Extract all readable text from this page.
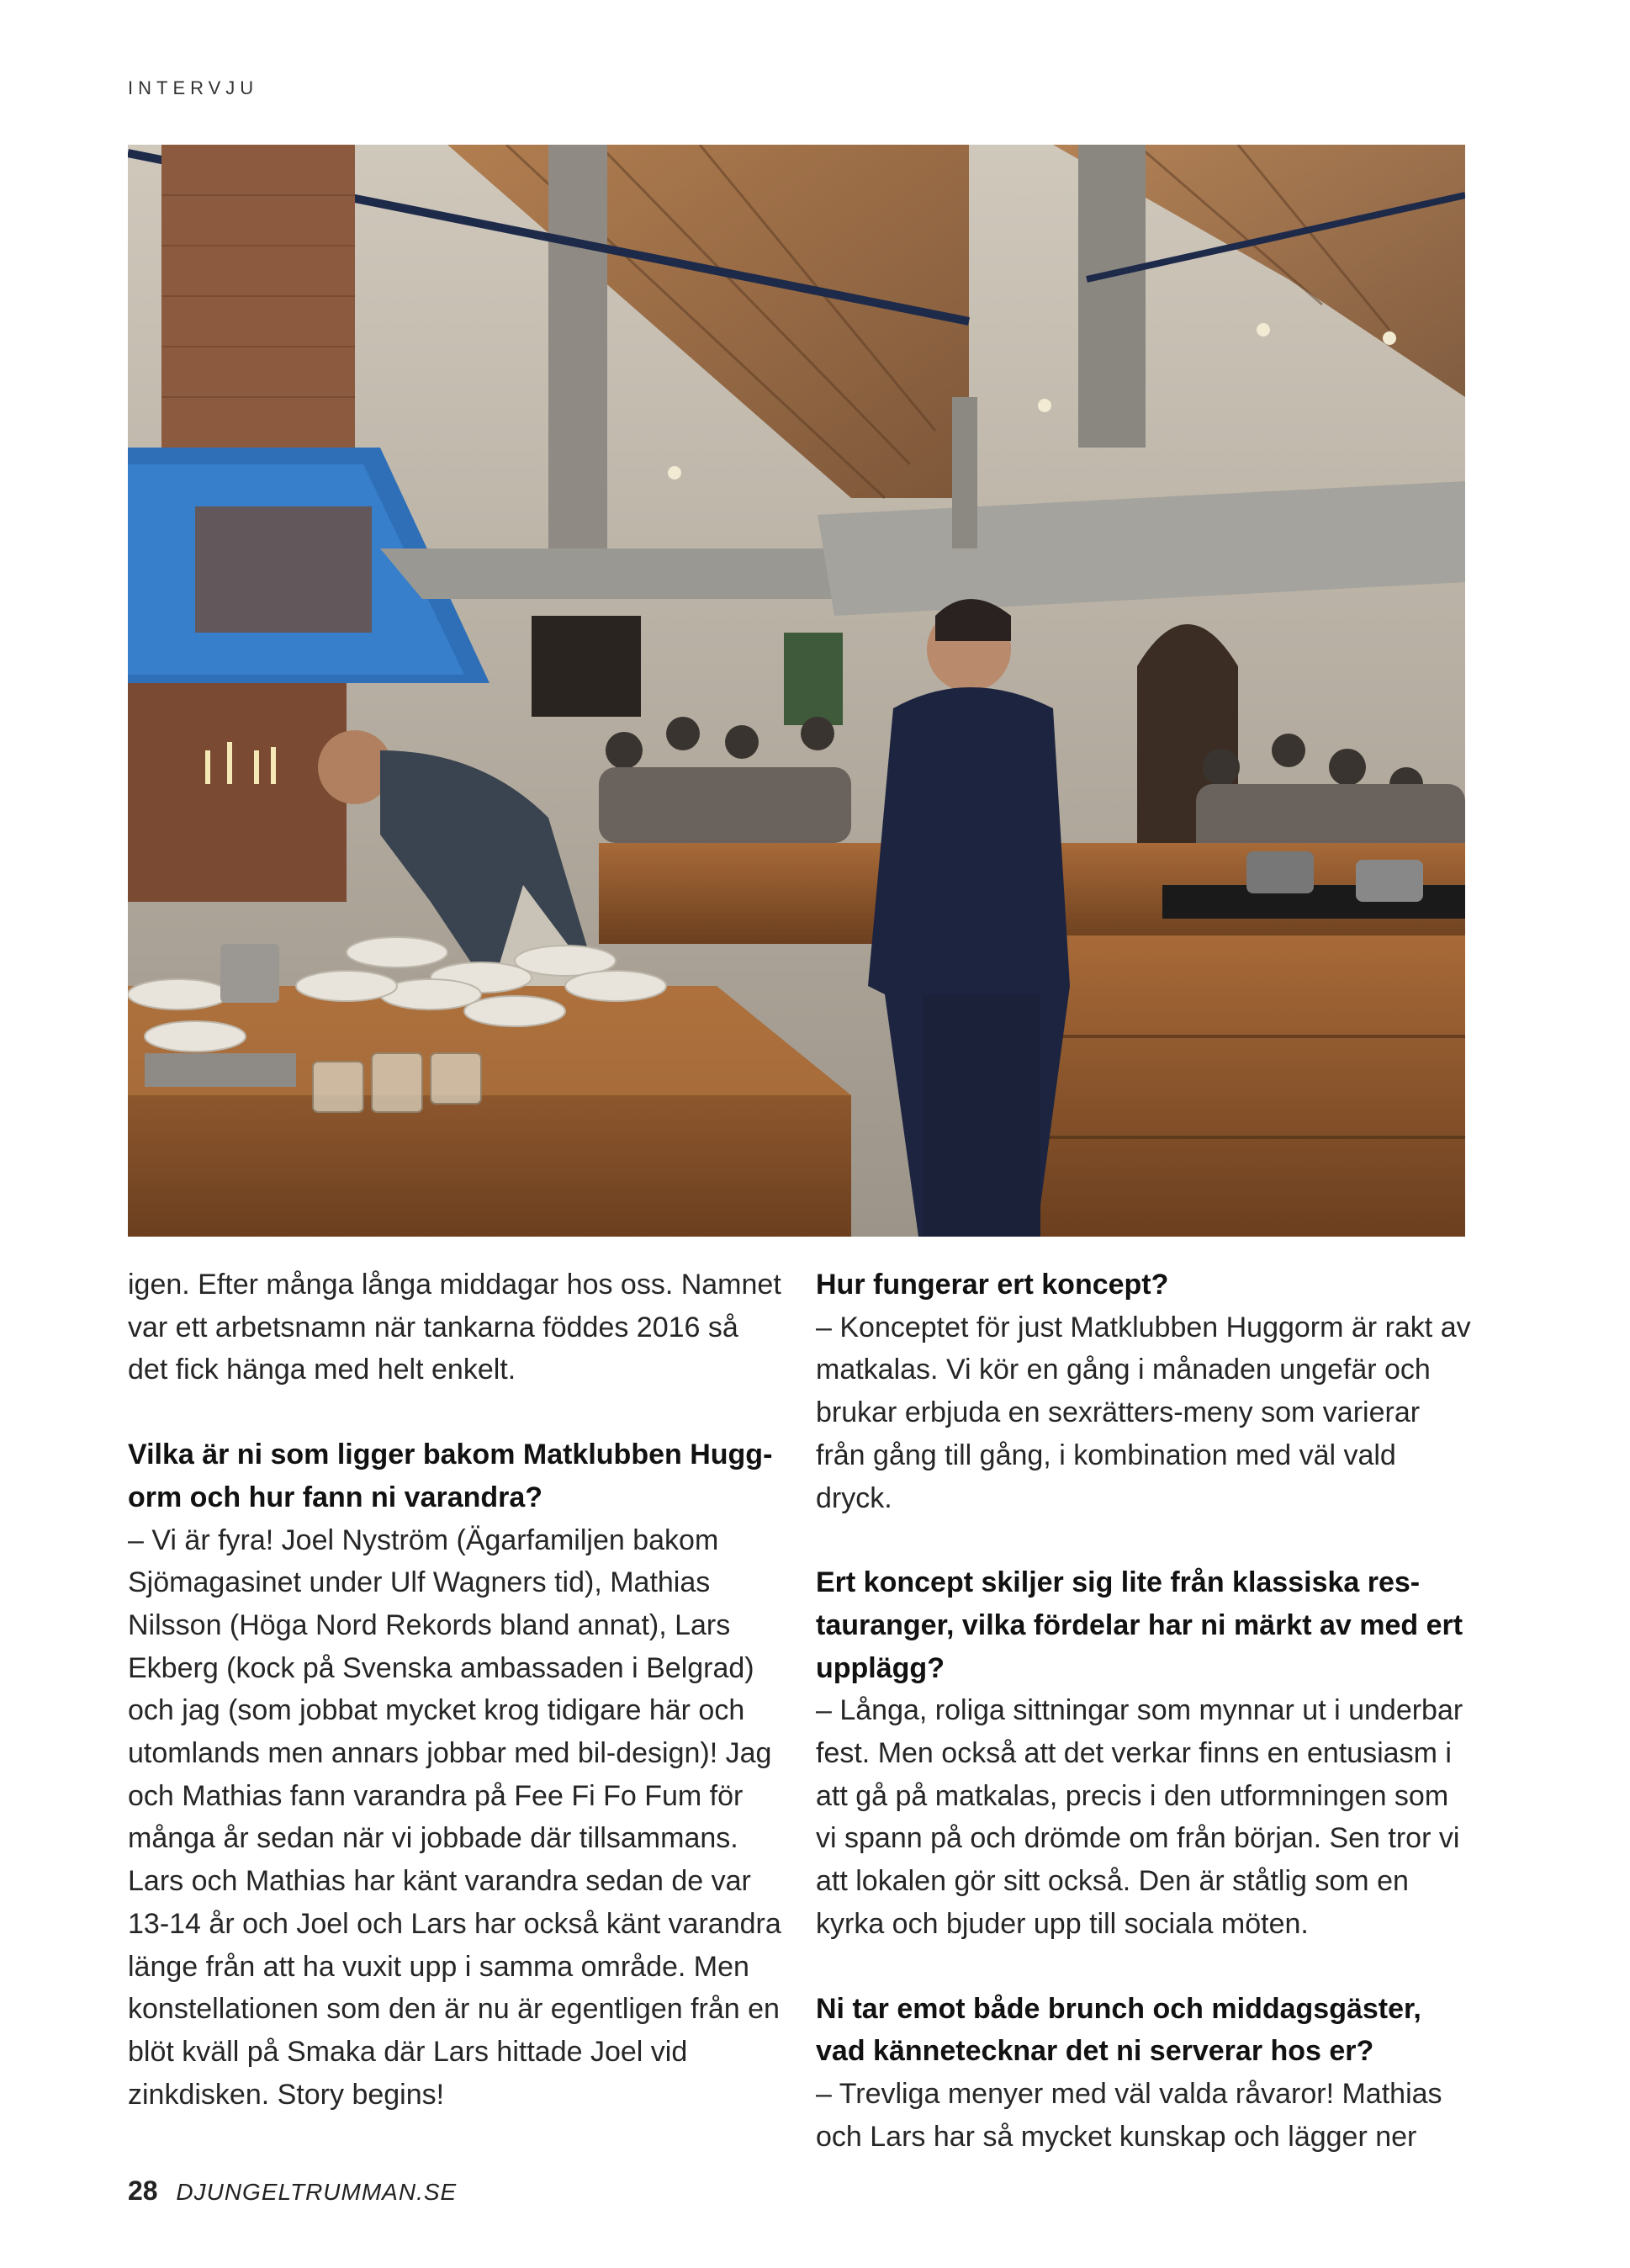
INTERVJU

igen. Efter många långa middagar hos oss. Namnet var ett arbetsnamn när tankarna föddes 2016 så det fick hänga med helt enkelt.

Vilka är ni som ligger bakom Matklubben Hugg-orm och hur fann ni varandra?

– Vi är fyra! Joel Nyström (Ägarfamiljen bakom Sjömagasinet under Ulf Wagners tid), Mathias Nilsson (Höga Nord Rekords bland annat), Lars Ekberg (kock på Svenska ambassaden i Belgrad) och jag (som jobbat mycket krog tidigare här och utomlands men annars jobbar med bil-design)! Jag och Mathias fann varandra på Fee Fi Fo Fum för många år sedan när vi jobbade där tillsammans. Lars och Mathias har känt varandra sedan de var 13-14 år och Joel och Lars har också känt varandra länge från att ha vuxit upp i samma område. Men konstellationen som den är nu är egentligen från en blöt kväll på Smaka där Lars hittade Joel vid zinkdisken. Story begins!

Hur fungerar ert koncept?

– Konceptet för just Matklubben Huggorm är rakt av matkalas. Vi kör en gång i månaden ungefär och brukar erbjuda en sexrätters-meny som varierar från gång till gång, i kombination med väl vald dryck.

Ert koncept skiljer sig lite från klassiska res-tauranger, vilka fördelar har ni märkt av med ert upplägg?

– Långa, roliga sittningar som mynnar ut i underbar fest. Men också att det verkar finns en entusiasm i att gå på matkalas, precis i den utformningen som vi spann på och drömde om från början. Sen tror vi att lokalen gör sitt också. Den är ståtlig som en kyrka och bjuder upp till sociala möten.

Ni tar emot både brunch och middagsgäster, vad kännetecknar det ni serverar hos er?

– Trevliga menyer med väl valda råvaror! Mathias och Lars har så mycket kunskap och lägger ner

28 DJUNGELTRUMMAN.SE
